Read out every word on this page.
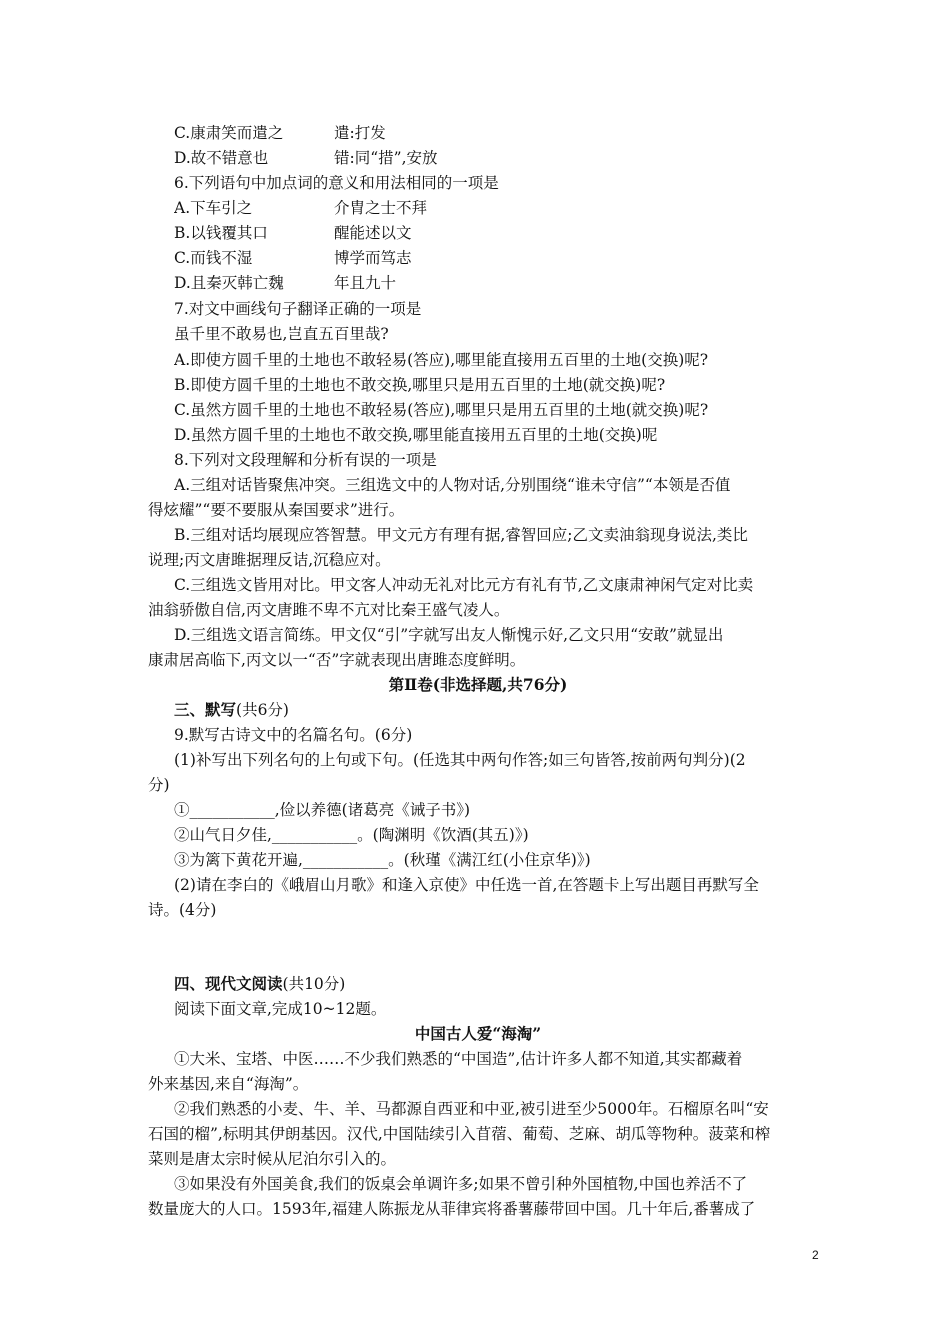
C.康肃笑而遣之	遣:打发
D.故不错意也	错:同“措”,安放
6.下列语句中加点词的意义和用法相同的一项是
A.下车引之	介胄之士不拜
B.以钱覆其口	醒能述以文
C.而钱不湿	博学而笃志
D.且秦灭韩亡魏	年且九十
7.对文中画线句子翻译正确的一项是
虽千里不敢易也,岂直五百里哉?
A.即使方圆千里的土地也不敢轻易(答应),哪里能直接用五百里的土地(交换)呢?
B.即使方圆千里的土地也不敢交换,哪里只是用五百里的土地(就交换)呢?
C.虽然方圆千里的土地也不敢轻易(答应),哪里只是用五百里的土地(就交换)呢?
D.虽然方圆千里的土地也不敢交换,哪里能直接用五百里的土地(交换)呢
8.下列对文段理解和分析有误的一项是
A.三组对话皆聚焦冲突。三组选文中的人物对话,分别围绕“谁未守信”“本领是否值
得炫耀”“要不要服从秦国要求”进行。
B.三组对话均展现应答智慧。甲文元方有理有据,睿智回应;乙文卖油翁现身说法,类比
说理;丙文唐雎据理反诘,沉稳应对。
C.三组选文皆用对比。甲文客人冲动无礼对比元方有礼有节,乙文康肃神闲气定对比卖
油翁骄傲自信,丙文唐雎不卑不亢对比秦王盛气凌人。
D.三组选文语言简练。甲文仅“引”字就写出友人惭愧示好,乙文只用“安敢”就显出
康肃居高临下,丙文以一“否”字就表现出唐雎态度鲜明。
第Ⅱ卷(非选择题,共76分)
三、默写(共6分)
9.默写古诗文中的名篇名句。(6分)
(1)补写出下列名句的上句或下句。(任选其中两句作答;如三句皆答,按前两句判分)(2
分)
①___________,俭以养德(诸葛亮《诫子书》)
②山气日夕佳,___________。(陶渊明《饮酒(其五)》)
③为篱下黄花开遍,___________。(秋瑾《满江红(小住京华)》)
(2)请在李白的《峨眉山月歌》和逢入京使》中任选一首,在答题卡上写出题目再默写全
诗。(4分)
四、现代文阅读(共10分)
阅读下面文章,完成10~12题。
中国古人爱“海淘”
①大米、宝塔、中医……不少我们熟悉的“中国造”,估计许多人都不知道,其实都藏着
外来基因,来自“海淘”。
②我们熟悉的小麦、牛、羊、马都源自西亚和中亚,被引进至少5000年。石榴原名叫“安
石国的榴”,标明其伊朗基因。汉代,中国陆续引入苜蓿、葡萄、芝麻、胡瓜等物种。菠菜和榨
菜则是唐太宗时候从尼泊尔引入的。
③如果没有外国美食,我们的饭桌会单调许多;如果不曾引种外国植物,中国也养活不了
数量庞大的人口。1593年,福建人陈振龙从菲律宾将番薯藤带回中国。几十年后,番薯成了
2
